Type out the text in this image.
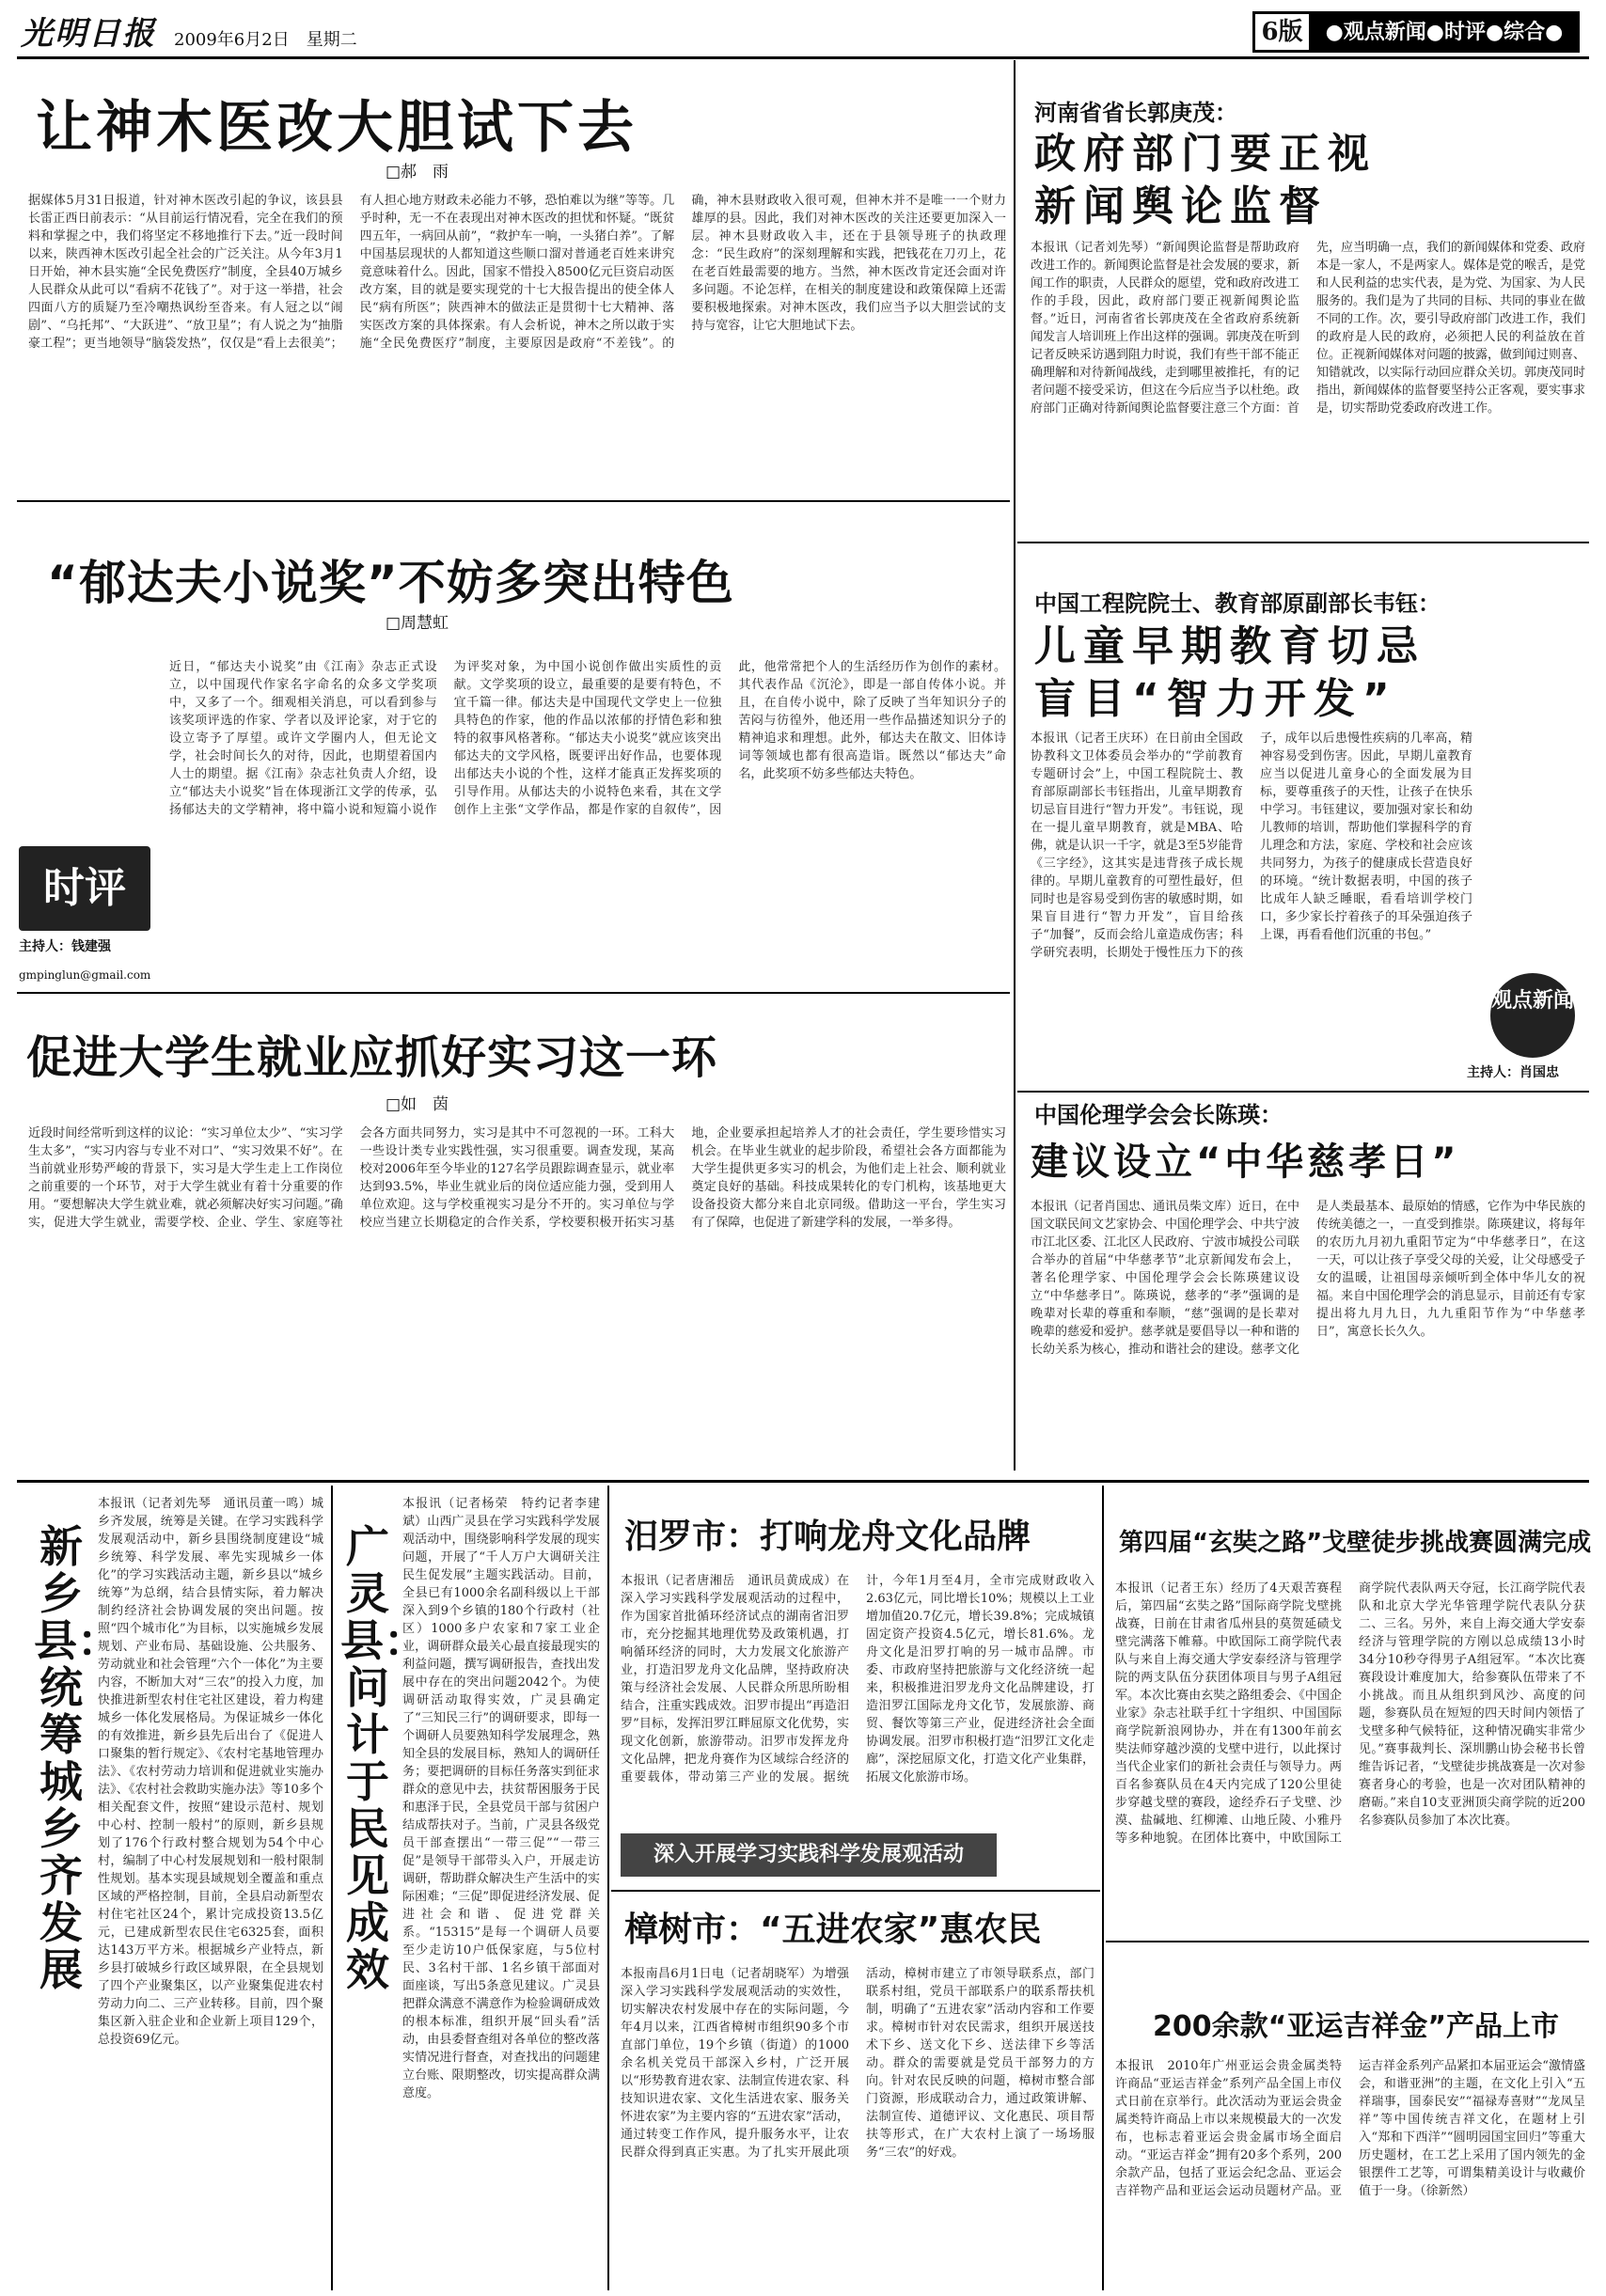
光明日报 2009年6月2日　星期二	6版	●观点新闻●时评●综合●
让神木医改大胆试下去
□郝　雨
据媒体5月31日报道，针对神木医改引起的争议，该县县长雷正西日前表示：“从目前运行情况看，完全在我们的预料和掌握之中，我们将坚定不移地推行下去。”近一段时间以来，陕西神木医改引起全社会的广泛关注。从今年3月1日开始，神木县实施“全民免费医疗”制度，全县40万城乡人民群众从此可以“看病不花钱了”。对于这一举措，社会四面八方的质疑乃至冷嘲热讽纷至沓来。有人冠之以“闹剧”、“乌托邦”、“大跃进”、“放卫星”；有人说之为“抽脂豪工程”；更当地领导“脑袋发热”，仅仅是“看上去很美”；有人担心地方财政未必能力不够，恐怕难以为继”等等。几乎时种，无一不在表现出对神木医改的担忧和怀疑。“既贫四五年，一病回从前”，“救护车一响，一头猪白养”。了解中国基层现状的人都知道这些顺口溜对普通老百姓来讲究竟意味着什么。因此，国家不惜投入8500亿元巨资启动医改方案，目的就是要实现党的十七大报告提出的使全体人民“病有所医”；陕西神木的做法正是贯彻十七大精神、落实医改方案的具体探索。有人会析说，神木之所以敢于实施“全民免费医疗”制度，主要原因是政府“不差钱”。的确，神木县财政收入很可观，但神木并不是唯一一个财力雄厚的县。因此，我们对神木医改的关注还要更加深入一层。神木县财政收入丰，还在于县领导班子的执政理念：“民生政府”的深刻理解和实践，把钱花在刀刃上，花在老百姓最需要的地方。当然，神木医改肯定还会面对许多问题。不论怎样，在相关的制度建设和政策保障上还需要积极地探索。对神木医改，我们应当予以大胆尝试的支持与宽容，让它大胆地试下去。
“郁达夫小说奖”不妨多突出特色
□周慧虹
近日，“郁达夫小说奖”由《江南》杂志正式设立，以中国现代作家名字命名的众多文学奖项中，又多了一个。细观相关消息，可以看到参与该奖项评选的作家、学者以及评论家，对于它的设立寄予了厚望。或许文学圈内人，但无论文学，社会时间长久的对待，因此，也期望着国内人士的期望。据《江南》杂志社负责人介绍，设立“郁达夫小说奖”旨在体现浙江文学的传承，弘扬郁达夫的文学精神，将中篇小说和短篇小说作为评奖对象，为中国小说创作做出实质性的贡献。文学奖项的设立，最重要的是要有特色，不宜千篇一律。郁达夫是中国现代文学史上一位独具特色的作家，他的作品以浓郁的抒情色彩和独特的叙事风格著称。“郁达夫小说奖”就应该突出郁达夫的文学风格，既要评出好作品，也要体现出郁达夫小说的个性，这样才能真正发挥奖项的引导作用。从郁达夫的小说特色来看，其在文学创作上主张“文学作品，都是作家的自叙传”，因此，他常常把个人的生活经历作为创作的素材。其代表作品《沉沦》，即是一部自传体小说。并且，在自传小说中，除了反映了当年知识分子的苦闷与彷徨外，他还用一些作品描述知识分子的精神追求和理想。此外，郁达夫在散文、旧体诗词等领域也都有很高造诣。既然以“郁达夫”命名，此奖项不妨多些郁达夫特色。
时评
主持人：钱建强
gmpinglun@gmail.com
促进大学生就业应抓好实习这一环
□如　茵
近段时间经常听到这样的议论：“实习单位太少”、“实习学生太多”，“实习内容与专业不对口”、“实习效果不好”。在当前就业形势严峻的背景下，实习是大学生走上工作岗位之前重要的一个环节，对于大学生就业有着十分重要的作用。“要想解决大学生就业难，就必须解决好实习问题。”确实，促进大学生就业，需要学校、企业、学生、家庭等社会各方面共同努力，实习是其中不可忽视的一环。工科大一些设计类专业实践性强，实习很重要。调查发现，某高校对2006年至今毕业的127名学员跟踪调查显示，就业率达到93.5%，毕业生就业后的岗位适应能力强，受到用人单位欢迎。这与学校重视实习是分不开的。实习单位与学校应当建立长期稳定的合作关系，学校要积极开拓实习基地，企业要承担起培养人才的社会责任，学生要珍惜实习机会。在毕业生就业的起步阶段，希望社会各方面都能为大学生提供更多实习的机会，为他们走上社会、顺利就业奠定良好的基础。科技成果转化的专门机构，该基地更大设备投资大都分来自北京同级。借助这一平台，学生实习有了保障，也促进了新建学科的发展，一举多得。
河南省省长郭庚茂：
政府部门要正视
新闻舆论监督
本报讯（记者刘先琴）“新闻舆论监督是帮助政府改进工作的。新闻舆论监督是社会发展的要求，新闻工作的职责，人民群众的愿望，党和政府改进工作的手段，因此，政府部门要正视新闻舆论监督。”近日，河南省省长郭庚茂在全省政府系统新闻发言人培训班上作出这样的强调。郭庚茂在听到记者反映采访遇到阻力时说，我们有些干部不能正确理解和对待新闻战线，走到哪里被推托，有的记者问题不接受采访，但这在今后应当予以杜绝。政府部门正确对待新闻舆论监督要注意三个方面：首先，应当明确一点，我们的新闻媒体和党委、政府本是一家人，不是两家人。媒体是党的喉舌，是党和人民利益的忠实代表，是为党、为国家、为人民服务的。我们是为了共同的目标、共同的事业在做不同的工作。次，要引导政府部门改进工作，我们的政府是人民的政府，必须把人民的利益放在首位。正视新闻媒体对问题的披露，做到闻过则喜、知错就改，以实际行动回应群众关切。郭庚茂同时指出，新闻媒体的监督要坚持公正客观，要实事求是，切实帮助党委政府改进工作。
中国工程院院士、教育部原副部长韦钰：
儿童早期教育切忌
盲目“智力开发”
本报讯（记者王庆环）在日前由全国政协教科文卫体委员会举办的“学前教育专题研讨会”上，中国工程院院士、教育部原副部长韦钰指出，儿童早期教育切忌盲目进行“智力开发”。韦钰说，现在一提儿童早期教育，就是MBA、哈佛，就是认识一千字，就是3至5岁能背《三字经》，这其实是违背孩子成长规律的。早期儿童教育的可塑性最好，但同时也是容易受到伤害的敏感时期，如果盲目进行“智力开发”，盲目给孩子“加餐”，反而会给儿童造成伤害；科学研究表明，长期处于慢性压力下的孩子，成年以后患慢性疾病的几率高，精神容易受到伤害。因此，早期儿童教育应当以促进儿童身心的全面发展为目标，要尊重孩子的天性，让孩子在快乐中学习。韦钰建议，要加强对家长和幼儿教师的培训，帮助他们掌握科学的育儿理念和方法，家庭、学校和社会应该共同努力，为孩子的健康成长营造良好的环境。“统计数据表明，中国的孩子比成年人缺乏睡眠，看看培训学校门口，多少家长拧着孩子的耳朵强迫孩子上课，再看看他们沉重的书包。”
观点新闻
主持人：肖国忠
中国伦理学会会长陈瑛：
建议设立“中华慈孝日”
本报讯（记者肖国忠、通讯员柴文库）近日，在中国文联民间文艺家协会、中国伦理学会、中共宁波市江北区委、江北区人民政府、宁波市城投公司联合举办的首届“中华慈孝节”北京新闻发布会上，著名伦理学家、中国伦理学会会长陈瑛建议设立“中华慈孝日”。陈瑛说，慈孝的“孝”强调的是晚辈对长辈的尊重和奉顺，“慈”强调的是长辈对晚辈的慈爱和爱护。慈孝就是要倡导以一种和谐的长幼关系为核心，推动和谐社会的建设。慈孝文化是人类最基本、最原始的情感，它作为中华民族的传统美德之一，一直受到推崇。陈瑛建议，将每年的农历九月初九重阳节定为“中华慈孝日”，在这一天，可以让孩子享受父母的关爱，让父母感受子女的温暖，让祖国母亲倾听到全体中华儿女的祝福。来自中国伦理学会的消息显示，目前还有专家提出将九月九日，九九重阳节作为“中华慈孝日”，寓意长长久久。
新乡县：统筹城乡齐发展
本报讯（记者刘先琴　通讯员董一鸣）城乡齐发展，统筹是关键。在学习实践科学发展观活动中，新乡县围绕制度建设“城乡统筹、科学发展、率先实现城乡一体化”的学习实践活动主题，新乡县以“城乡统筹”为总纲，结合县情实际，着力解决制约经济社会协调发展的突出问题。按照“四个城市化”为目标，以实施城乡发展规划、产业布局、基础设施、公共服务、劳动就业和社会管理“六个一体化”为主要内容，不断加大对“三农”的投入力度，加快推进新型农村住宅社区建设，着力构建城乡一体化发展格局。为保证城乡一体化的有效推进，新乡县先后出台了《促进人口聚集的暂行规定》、《农村宅基地管理办法》、《农村劳动力培训和促进就业实施办法》、《农村社会救助实施办法》等10多个相关配套文件，按照“建设示范村、规划中心村、控制一般村”的原则，新乡县规划了176个行政村整合规划为54个中心村，编制了中心村发展规划和一般村限制性规划。基本实现县域规划全覆盖和重点区域的严格控制，目前，全县启动新型农村住宅社区24个，累计完成投资13.5亿元，已建成新型农民住宅6325套，面积达143万平方米。根据城乡产业特点，新乡县打破城乡行政区域界限，在全县规划了四个产业聚集区，以产业聚集促进农村劳动力向二、三产业转移。目前，四个聚集区新入驻企业和企业新上项目129个，总投资69亿元。
广灵县：问计于民见成效
本报讯（记者杨荣　特约记者李建斌）山西广灵县在学习实践科学发展观活动中，围绕影响科学发展的现实问题，开展了“千人万户大调研关注民生促发展”主题实践活动。目前，全县已有1000余名副科级以上干部深入到9个乡镇的180个行政村（社区）1000多户农家和7家工业企业，调研群众最关心最直接最现实的利益问题，撰写调研报告，查找出发展中存在的突出问题2042个。为使调研活动取得实效，广灵县确定了“三知民三行”的调研要求，即每一个调研人员要熟知科学发展理念，熟知全县的发展目标，熟知人的调研任务；要把调研的目标任务落实到征求群众的意见中去，扶贫帮困服务于民和惠泽于民，全县党员干部与贫困户结成帮扶对子。当前，广灵县各级党员干部查摆出“一带三促”“一带三促”是领导干部带头入户，开展走访调研，帮助群众解决生产生活中的实际困难；“三促”即促进经济发展、促进社会和谐、促进党群关系。“15315”是每一个调研人员要至少走访10户低保家庭，与5位村民、3名村干部、1名乡镇干部面对面座谈，写出5条意见建议。广灵县把群众满意不满意作为检验调研成效的根本标准，组织开展“回头看”活动，由县委督查组对各单位的整改落实情况进行督查，对查找出的问题建立台账、限期整改，切实提高群众满意度。
汨罗市：打响龙舟文化品牌
本报讯（记者唐湘岳　通讯员黄成成）在深入学习实践科学发展观活动的过程中，作为国家首批循环经济试点的湖南省汨罗市，充分挖掘其地理优势及政策机遇，打响循环经济的同时，大力发展文化旅游产业，打造汨罗龙舟文化品牌，坚持政府决策与经济社会发展、人民群众所思所盼相结合，注重实践成效。汨罗市提出“再造汨罗”目标，发挥汨罗江畔屈原文化优势，实现文化创新，旅游带动。汨罗市发挥龙舟文化品牌，把龙舟赛作为区域综合经济的重要载体，带动第三产业的发展。据统计，今年1月至4月，全市完成财政收入2.63亿元，同比增长10%；规模以上工业增加值20.7亿元，增长39.8%；完成城镇固定资产投资4.5亿元，增长81.6%。龙舟文化是汨罗打响的另一城市品牌。市委、市政府坚持把旅游与文化经济统一起来，积极推进汨罗龙舟文化品牌建设，打造汨罗江国际龙舟文化节，发展旅游、商贸、餐饮等第三产业，促进经济社会全面协调发展。汨罗市积极打造“汨罗江文化走廊”，深挖屈原文化，打造文化产业集群，拓展文化旅游市场。
深入开展学习实践科学发展观活动
樟树市：“五进农家”惠农民
本报南昌6月1日电（记者胡晓军）为增强深入学习实践科学发展观活动的实效性，切实解决农村发展中存在的实际问题，今年4月以来，江西省樟树市组织90多个市直部门单位，19个乡镇（街道）的1000余名机关党员干部深入乡村，广泛开展以“形势教育进农家、法制宣传进农家、科技知识进农家、文化生活进农家、服务关怀进农家”为主要内容的“五进农家”活动，通过转变工作作风，提升服务水平，让农民群众得到真正实惠。为了扎实开展此项活动，樟树市建立了市领导联系点，部门联系村组，党员干部联系户的联系帮扶机制，明确了“五进农家”活动内容和工作要求。樟树市针对农民需求，组织开展送技术下乡、送文化下乡、送法律下乡等活动。群众的需要就是党员干部努力的方向。针对农民反映的问题，樟树市整合部门资源，形成联动合力，通过政策讲解、法制宣传、道德评议、文化惠民、项目帮扶等形式，在广大农村上演了一场场服务“三农”的好戏。
第四届“玄奘之路”戈壁徒步挑战赛圆满完成
本报讯（记者王东）经历了4天艰苦赛程后，第四届“玄奘之路”国际商学院戈壁挑战赛，日前在甘肃省瓜州县的莫贺延碛戈壁完满落下帷幕。中欧国际工商学院代表队与来自上海交通大学安泰经济与管理学院的两支队伍分获团体项目与男子A组冠军。本次比赛由玄奘之路组委会、《中国企业家》杂志社联手红十字组织、中国国际商学院新浪网协办，并在有1300年前玄奘法师穿越沙漠的戈壁中进行，以此探讨当代企业家们的新社会责任与领导力。两百名参赛队员在4天内完成了120公里徒步穿越戈壁的赛段，途经乔石子戈壁、沙漠、盐碱地、红柳滩、山地丘陵、小雅丹等多种地貌。在团体比赛中，中欧国际工商学院代表队两天夺冠，长江商学院代表队和北京大学光华管理学院代表队分获二、三名。另外，来自上海交通大学安泰经济与管理学院的方刚以总成绩13小时34分10秒夺得男子A组冠军。“本次比赛赛段设计难度加大，给参赛队伍带来了不小挑战。而且从组织到风沙、高度的问题，参赛队员在短短的四天时间内领悟了戈壁多种气候特征，这种情况确实非常少见。”赛事裁判长、深圳鹏山协会秘书长曾维告诉记者，“戈壁徒步挑战赛是一次对参赛者身心的考验，也是一次对团队精神的磨砺。”来自10支亚洲顶尖商学院的近200名参赛队员参加了本次比赛。
200余款“亚运吉祥金”产品上市
本报讯　2010年广州亚运会贵金属类特许商品“亚运吉祥金”系列产品全国上市仪式日前在京举行。此次活动为亚运会贵金属类特许商品上市以来规模最大的一次发布，也标志着亚运会贵金属市场全面启动。“亚运吉祥金”拥有20多个系列，200余款产品，包括了亚运会纪念品、亚运会吉祥物产品和亚运会运动员题材产品。亚运吉祥金系列产品紧扣本届亚运会“激情盛会，和谐亚洲”的主题，在文化上引入“五祥瑞事，国泰民安”“福禄寿喜财”“龙凤呈祥”等中国传统吉祥文化，在题材上引入“郑和下西洋”“圆明园国宝回归”等重大历史题材，在工艺上采用了国内领先的金银摆件工艺等，可谓集精美设计与收藏价值于一身。（徐新然）
